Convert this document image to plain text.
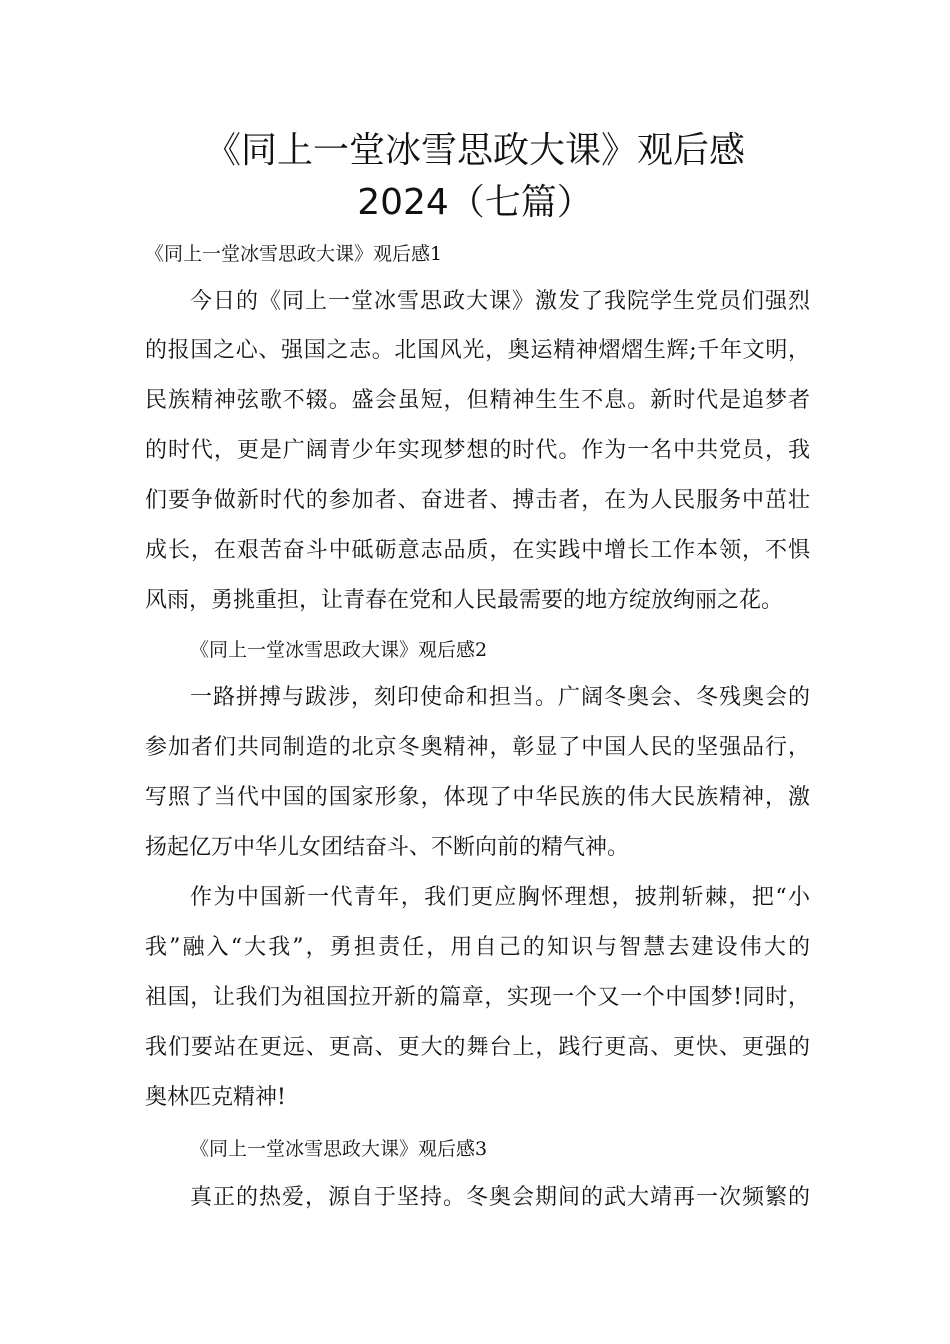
《同上一堂冰雪思政大课》观后感
2024（七篇）
《同上一堂冰雪思政大课》观后感1
今日的《同上一堂冰雪思政大课》激发了我院学生党员们强烈
的报国之心、强国之志。北国风光，奥运精神熠熠生辉;千年文明，
民族精神弦歌不辍。盛会虽短，但精神生生不息。新时代是追梦者
的时代，更是广阔青少年实现梦想的时代。作为一名中共党员，我
们要争做新时代的参加者、奋进者、搏击者，在为人民服务中茁壮
成长，在艰苦奋斗中砥砺意志品质，在实践中增长工作本领，不惧
风雨，勇挑重担，让青春在党和人民最需要的地方绽放绚丽之花。
《同上一堂冰雪思政大课》观后感2
一路拼搏与跋涉，刻印使命和担当。广阔冬奥会、冬残奥会的
参加者们共同制造的北京冬奥精神，彰显了中国人民的坚强品行，
写照了当代中国的国家形象，体现了中华民族的伟大民族精神，激
扬起亿万中华儿女团结奋斗、不断向前的精气神。
作为中国新一代青年，我们更应胸怀理想，披荆斩棘，把“小
我”融入“大我”，勇担责任，用自己的知识与智慧去建设伟大的
祖国，让我们为祖国拉开新的篇章，实现一个又一个中国梦!同时，
我们要站在更远、更高、更大的舞台上，践行更高、更快、更强的
奥林匹克精神!
《同上一堂冰雪思政大课》观后感3
真正的热爱，源自于坚持。冬奥会期间的武大靖再一次频繁的
